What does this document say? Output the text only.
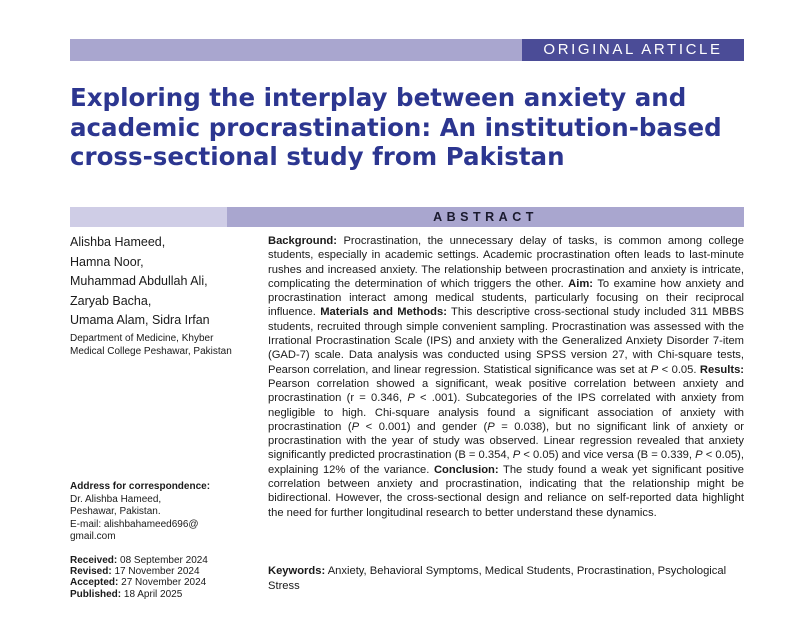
ORIGINAL ARTICLE
Exploring the interplay between anxiety and academic procrastination: An institution-based cross-sectional study from Pakistan
ABSTRACT
Alishba Hameed,
Hamna Noor,
Muhammad Abdullah Ali,
Zaryab Bacha,
Umama Alam, Sidra Irfan
Department of Medicine, Khyber Medical College Peshawar, Pakistan
Address for correspondence:
Dr. Alishba Hameed,
Peshawar, Pakistan.
E-mail: alishbahameed696@
gmail.com
Received: 08 September 2024
Revised: 17 November 2024
Accepted: 27 November 2024
Published: 18 April 2025

Background: Procrastination, the unnecessary delay of tasks, is common among college students, especially in academic settings. Academic procrastination often leads to last-minute rushes and increased anxiety. The relationship between procrastination and anxiety is intricate, complicating the determination of which triggers the other. Aim: To examine how anxiety and procrastination interact among medical students, particularly focusing on their reciprocal influence. Materials and Methods: This descriptive cross-sectional study included 311 MBBS students, recruited through simple convenient sampling. Procrastination was assessed with the Irrational Procrastination Scale (IPS) and anxiety with the Generalized Anxiety Disorder 7-item (GAD-7) scale. Data analysis was conducted using SPSS version 27, with Chi-square tests, Pearson correlation, and linear regression. Statistical significance was set at P < 0.05. Results: Pearson correlation showed a significant, weak positive correlation between anxiety and procrastination (r = 0.346, P < .001). Subcategories of the IPS correlated with anxiety from negligible to high. Chi-square analysis found a significant association of anxiety with procrastination (P < 0.001) and gender (P = 0.038), but no significant link of anxiety or procrastination with the year of study was observed. Linear regression revealed that anxiety significantly predicted procrastination (B = 0.354, P < 0.05) and vice versa (B = 0.339, P < 0.05), explaining 12% of the variance. Conclusion: The study found a weak yet significant positive correlation between anxiety and procrastination, indicating that the relationship might be bidirectional. However, the cross-sectional design and reliance on self-reported data highlight the need for further longitudinal research to better understand these dynamics.

Keywords: Anxiety, Behavioral Symptoms, Medical Students, Procrastination, Psychological Stress
